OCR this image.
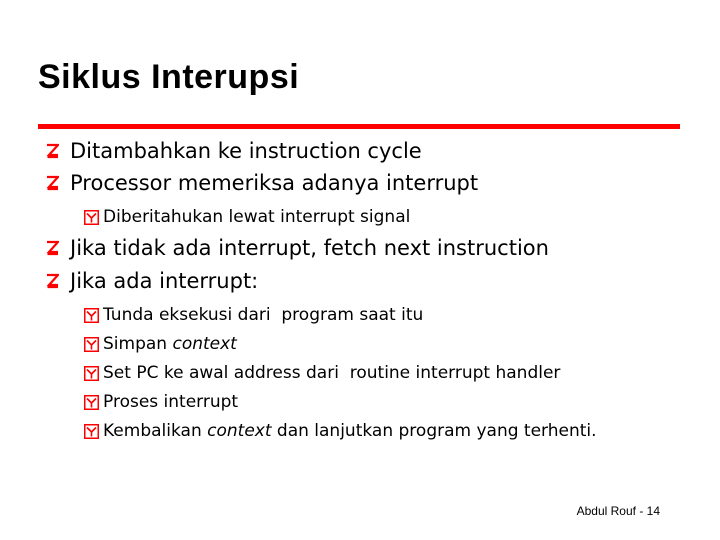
Siklus Interupsi
Ditambahkan ke instruction cycle
Processor memeriksa adanya interrupt
Diberitahukan lewat interrupt signal
Jika tidak ada interrupt, fetch next instruction
Jika ada interrupt:
Tunda eksekusi dari  program saat itu
Simpan context
Set PC ke awal address dari  routine interrupt handler
Proses interrupt
Kembalikan context dan lanjutkan program yang terhenti.
Abdul Rouf - 14
